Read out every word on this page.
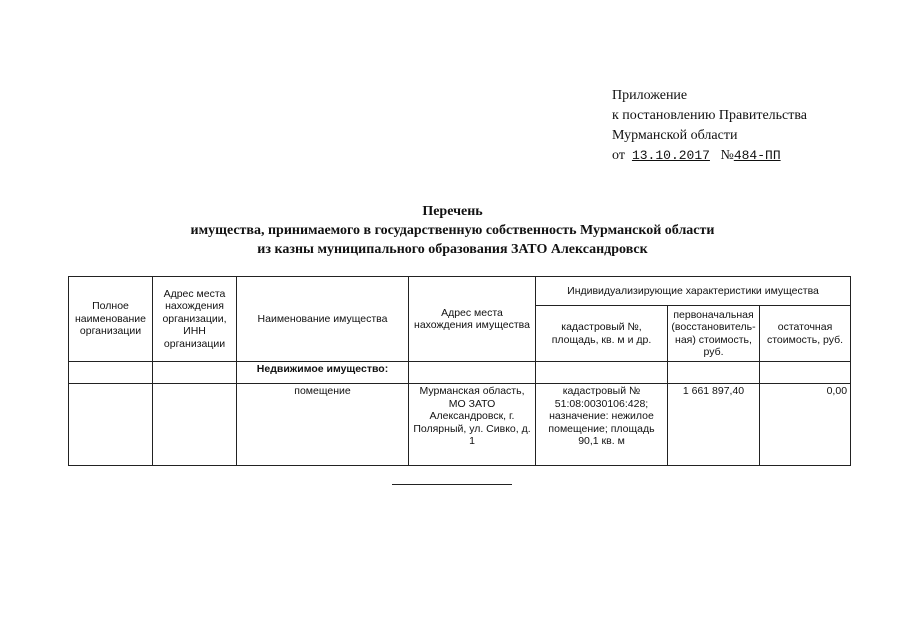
Приложение
к постановлению Правительства
Мурманской области
от 13.10.2017 №484-ПП
Перечень
имущества, принимаемого в государственную собственность Мурманской области
из казны муниципального образования ЗАТО Александровск
Полное наименование организации	Адрес места нахождения организации, ИНН организации	Наименование имущества	Адрес места нахождения имущества	Индивидуализирующие характеристики имущества		
				кадастровый №, площадь, кв. м и др.	первоначальная (восстановитель-ная) стоимость, руб.	остаточная стоимость, руб.
		Недвижимое имущество:				
		помещение	Мурманская область, МО ЗАТО Александровск, г. Полярный, ул. Сивко, д. 1	кадастровый № 51:08:0030106:428; назначение: нежилое помещение; площадь 90,1 кв. м	1 661 897,40	0,00
